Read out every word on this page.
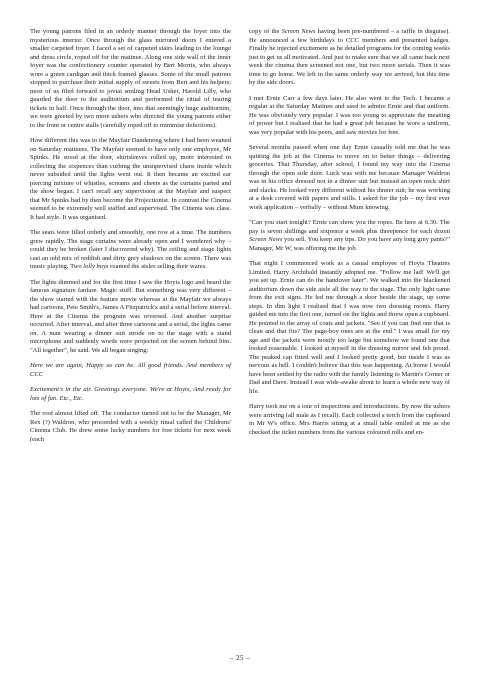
The young patrons filed in an orderly manner through the foyer into the mysterious interior. Once through the glass mirrored doors I entered a smaller carpeted foyer. I faced a set of carpeted stairs leading to the lounge and dress circle, roped off for the matinee. Along one side wall of the inner foyer was the confectionery counter operated by Bert Morris, who always wore a green cardigan and thick framed glasses. Some of the small patrons stopped to purchase their initial supply of sweets from Bert and his helpers; most of us filed forward to joviai smiling Head Usher, Harold Lilly, who guarded the door to the auditorium and performed the ritual of tearing tickets in half. Once through the door, into that seemingly huge auditorium, we were greeted by two more ushers who directed the young patrons either to the front or centre stalls (carefully roped off to minimise defections).

How different this was to the Mayfair Dandenong where I had been weaned on Saturday matinees. The Mayfair seemed to have only one employee, Mr Spinks. He stood at the door, shirtsleeves rolled up, more interested in collecting the sixpences than curbing the unsupervised chaos inside which never subsided until the lights went out. It then became an excited ear piercing mixture of whistles, screams and cheers as the curtains parted and the show began. I can't recall any supervision at the Mayfair and suspect that Mr Spinks had by then become the Projectionist. In contrast the Cinema seemed to be extremely well staffed and supervised. The Cinema was class. It had style. It was organised.

The seats were filled orderly and smoothly, one row at a time. The numbers grew rapidly. The stage curtains were already open and I wondered why – could they be broken (later I discovered why). The ceiling and stage lights cast an odd mix of reddish and dirty grey shadows on the screen. There was music playing. Two lolly boys roamed the aisles selling their wares.

The lights dimmed and for the first time I saw the Hoyts logo and heard the famous signature fanfare. Magic stuff. But something was very different – the show started with the feature movie whereas at the Mayfair we always had cartoons, Pete Smith's, James A Fitzpatrick's and a serial before interval. Here at the Cinema the program was reversed. And another surprise occurred. After interval, and after three cartoons and a serial, the lights came on. A man wearing a dinner suit strode on to the stage with a stand microphone and suddenly words were projected on the screen behind him. "All together", he said. We all began singing:

Here we are again, Happy as can be. All good friends. And members of CCC

Excitement's in the air. Greetings everyone. We're at Hoyts, And ready for lots of fun. Etc., Etc.

The roof almost lifted off. The conductor turned out to be the Manager, Mr Rex (?) Waldron, who proceeded with a weekly ritual called the Childrens' Cinema Club. He drew some lucky numbers for free tickets for next week (each

copy of the Screen News having been pre-numbered – a raffle in disguise). He announced a few birthdays to CCC members and presented badges. Finally he injected excitement as he detailed programs for the coming weeks just to get us all motivated. And just to make sure that we all came back next week the cinema then screened not one, but two more serials. Then it was time to go home. We left in the same orderly way we arrived, but this time by the side doors.

I met Ernie Carr a few days later. He also went to the Tech. I became a regular at the Saturday Matinee and used to admire Ernie and that uniform. He was obviously very popular. I was too young to appreciate the meaning of power but I realised that he had a great job because he wore a uniform, was very popular with his peers, and saw movies for free.

Several months passed when one day Ernie casually told me that he was quitting the job at the Cinema to move on to better things – delivering groceries. That Thursday, after school, I found my way into the Cinema through the open side door. Luck was with me because Manager Waldron was in his office dressed not in a dinner suit but instead an open neck shirt and slacks. He looked very different without his dinner suit; he was working at a desk covered with papers and stills. I asked for the job – my first ever work application – verbally – without Mum knowing.

"Can you start tonight? Ernie can show you the ropes. Be here at 6.30. The pay is seven shillings and sixpence a week plus threepence for each dozen Screen News you sell. You keep any tips. Do you have any long grey pants?" Manager, Mr W, was offering me the job.

That night I commenced work as a casual employee of Hoyts Theatres Limited. Harry Archibald instantly adopted me. "Follow me lad! We'll get you set up. Ernie can do the handover later". We walked into the blackened auditorium down the side aisle all the way to the stage. The only light came from the exit signs. He led me through a door beside the stage, up some steps. In dim light I realised that I was now two dressing rooms. Harry guided me into the first one, turned on the lights and threw open a cupboard. He pointed to the array of coats and jackets. "See if you can find one that is clean and that fits? The page-boy ones are at the end." I was small for my age and the jackets were mostly too large but somehow we found one that looked reasonable. I looked at myself in the dressing mirror and felt proud. The peaked cap fitted well and I looked pretty good, but inside I was as nervous as hell. I couldn't believe that this was happening. At home I would have been settled by the radio with the family listening to Martin's Corner or Dad and Dave. Instead I was wide-awake about to learn a whole new way of life.

Harry took me on a tour of inspections and introductions. By now the ushers were arriving (all male as I recall). Each collected a torch from the cupboard in Mr W's office. Mrs Harris sitting at a small table smiled at me as she checked the ticket numbers from the various coloured rolls and en-

– 25 –
